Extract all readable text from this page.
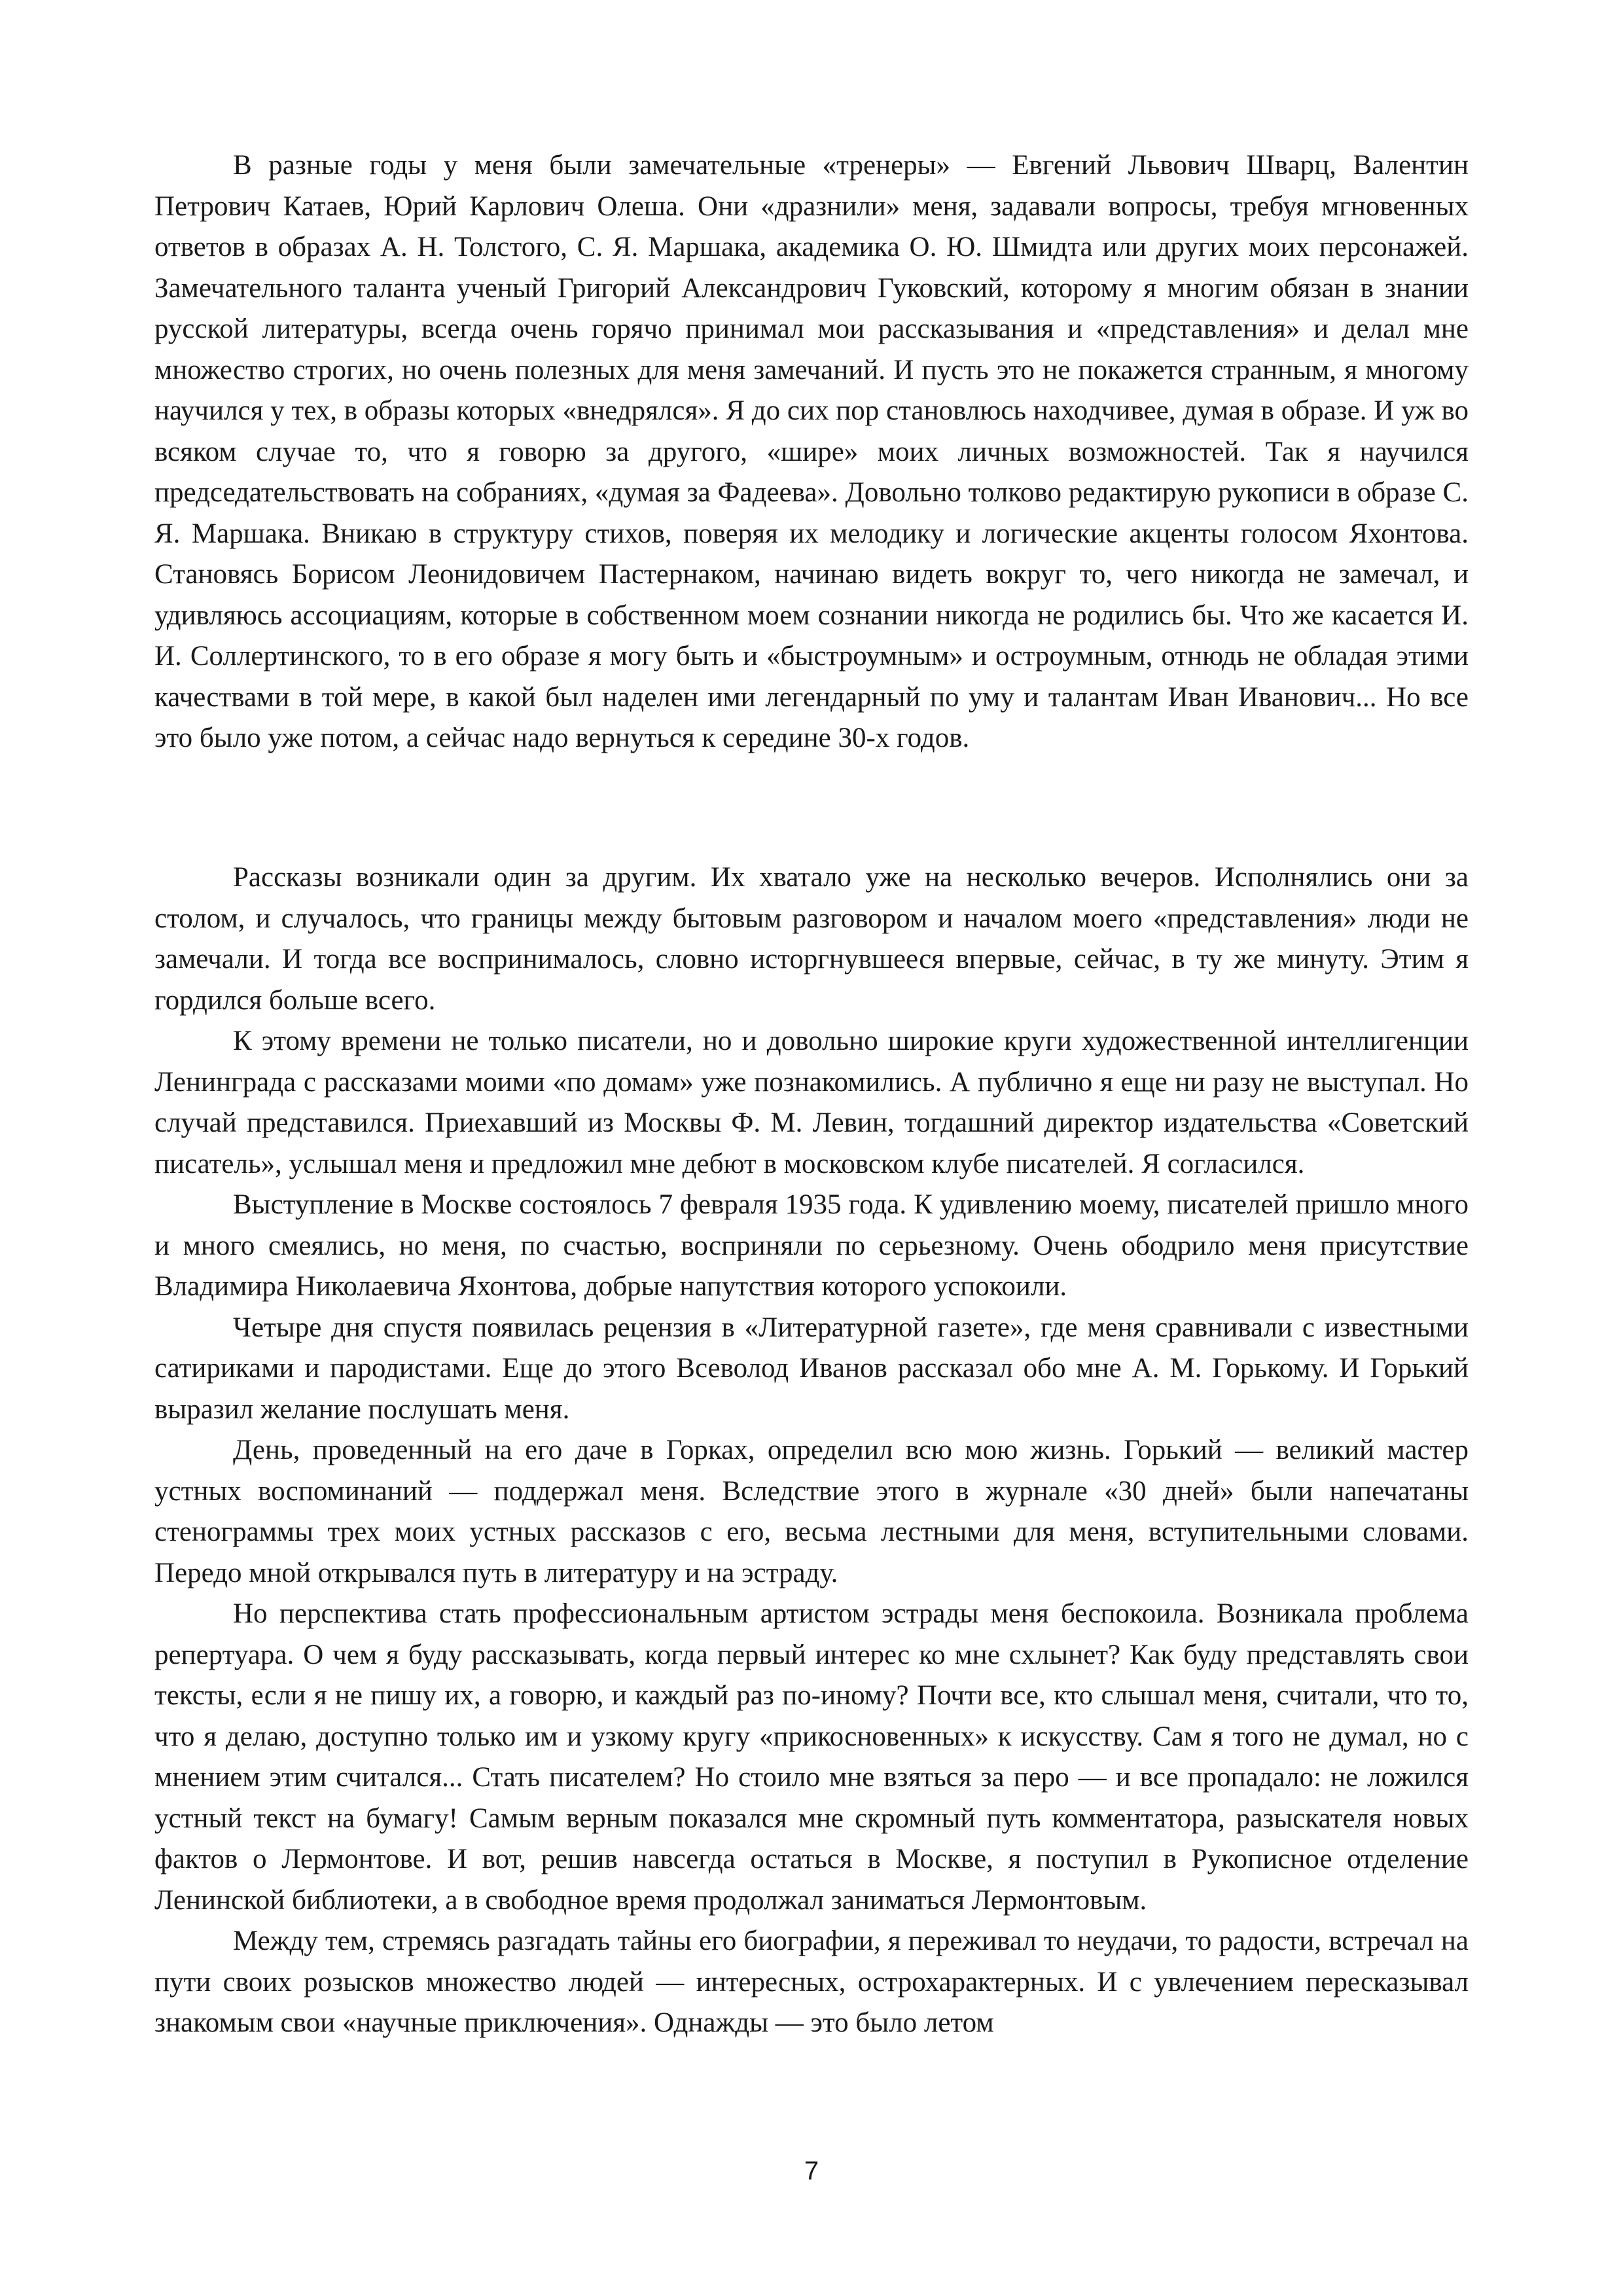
В разные годы у меня были замечательные «тренеры» — Евгений Львович Шварц, Валентин Петрович Катаев, Юрий Карлович Олеша. Они «дразнили» меня, задавали вопросы, требуя мгновенных ответов в образах А. Н. Толстого, С. Я. Маршака, академика О. Ю. Шмидта или других моих персонажей. Замечательного таланта ученый Григорий Александрович Гуковский, которому я многим обязан в знании русской литературы, всегда очень горячо принимал мои рассказывания и «представления» и делал мне множество строгих, но очень полезных для меня замечаний. И пусть это не покажется странным, я многому научился у тех, в образы которых «внедрялся». Я до сих пор становлюсь находчивее, думая в образе. И уж во всяком случае то, что я говорю за другого, «шире» моих личных возможностей. Так я научился председательствовать на собраниях, «думая за Фадеева». Довольно толково редактирую рукописи в образе С. Я. Маршака. Вникаю в структуру стихов, поверяя их мелодику и логические акценты голосом Яхонтова. Становясь Борисом Леонидовичем Пастернаком, начинаю видеть вокруг то, чего никогда не замечал, и удивляюсь ассоциациям, которые в собственном моем сознании никогда не родились бы. Что же касается И. И. Соллертинского, то в его образе я могу быть и «быстроумным» и остроумным, отнюдь не обладая этими качествами в той мере, в какой был наделен ими легендарный по уму и талантам Иван Иванович... Но все это было уже потом, а сейчас надо вернуться к середине 30-х годов.

Рассказы возникали один за другим. Их хватало уже на несколько вечеров. Исполнялись они за столом, и случалось, что границы между бытовым разговором и началом моего «представления» люди не замечали. И тогда все воспринималось, словно исторгнувшееся впервые, сейчас, в ту же минуту. Этим я гордился больше всего.

К этому времени не только писатели, но и довольно широкие круги художественной интеллигенции Ленинграда с рассказами моими «по домам» уже познакомились. А публично я еще ни разу не выступал. Но случай представился. Приехавший из Москвы Ф. М. Левин, тогдашний директор издательства «Советский писатель», услышал меня и предложил мне дебют в московском клубе писателей. Я согласился.

Выступление в Москве состоялось 7 февраля 1935 года. К удивлению моему, писателей пришло много и много смеялись, но меня, по счастью, восприняли по серьезному. Очень ободрило меня присутствие Владимира Николаевича Яхонтова, добрые напутствия которого успокоили.

Четыре дня спустя появилась рецензия в «Литературной газете», где меня сравнивали с известными сатириками и пародистами. Еще до этого Всеволод Иванов рассказал обо мне А. М. Горькому. И Горький выразил желание послушать меня.

День, проведенный на его даче в Горках, определил всю мою жизнь. Горький — великий мастер устных воспоминаний — поддержал меня. Вследствие этого в журнале «30 дней» были напечатаны стенограммы трех моих устных рассказов с его, весьма лестными для меня, вступительными словами. Передо мной открывался путь в литературу и на эстраду.

Но перспектива стать профессиональным артистом эстрады меня беспокоила. Возникала проблема репертуара. О чем я буду рассказывать, когда первый интерес ко мне схлынет? Как буду представлять свои тексты, если я не пишу их, а говорю, и каждый раз по-иному? Почти все, кто слышал меня, считали, что то, что я делаю, доступно только им и узкому кругу «прикосновенных» к искусству. Сам я того не думал, но с мнением этим считался... Стать писателем? Но стоило мне взяться за перо — и все пропадало: не ложился устный текст на бумагу! Самым верным показался мне скромный путь комментатора, разыскателя новых фактов о Лермонтове. И вот, решив навсегда остаться в Москве, я поступил в Рукописное отделение Ленинской библиотеки, а в свободное время продолжал заниматься Лермонтовым.

Между тем, стремясь разгадать тайны его биографии, я переживал то неудачи, то радости, встречал на пути своих розысков множество людей — интересных, острохарактерных. И с увлечением пересказывал знакомым свои «научные приключения». Однажды — это было летом

7
